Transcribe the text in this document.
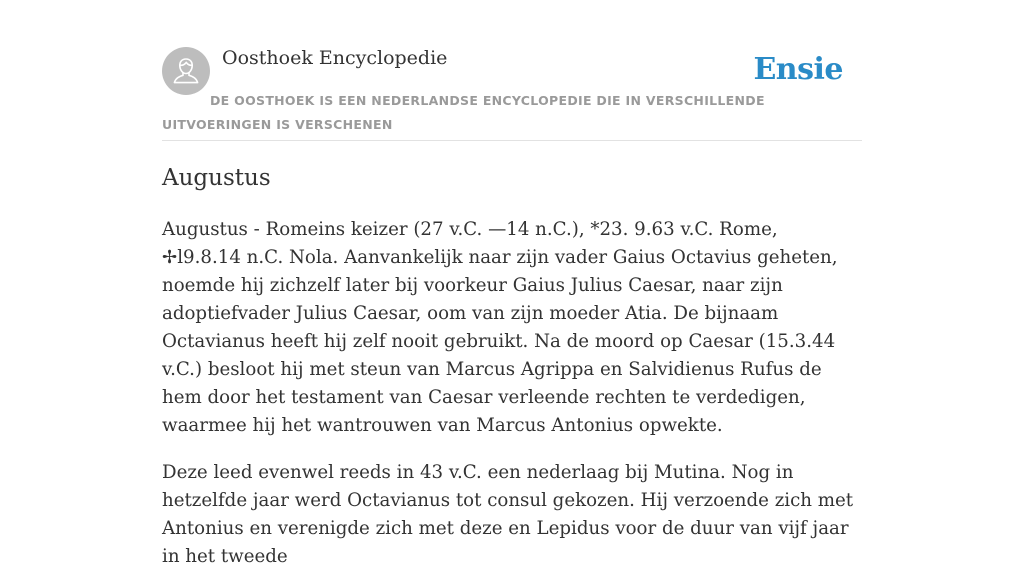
Oosthoek Encyclopedie	Ensie
DE OOSTHOEK IS EEN NEDERLANDSE ENCYCLOPEDIE DIE IN VERSCHILLENDE UITVOERINGEN IS VERSCHENEN
Augustus

Augustus - Romeins keizer (27 v.C. —14 n.C.), *23. 9.63 v.C. Rome, ✢l9.8.14 n.C. Nola. Aanvankelijk naar zijn vader Gaius Octavius geheten, noemde hij zichzelf later bij voorkeur Gaius Julius Caesar, naar zijn adoptiefvader Julius Caesar, oom van zijn moeder Atia. De bijnaam Octavianus heeft hij zelf nooit gebruikt. Na de moord op Caesar (15.3.44 v.C.) besloot hij met steun van Marcus Agrippa en Salvidienus Rufus de hem door het testament van Caesar verleende rechten te verdedigen, waarmee hij het wantrouwen van Marcus Antonius opwekte.

Deze leed evenwel reeds in 43 v.C. een nederlaag bij Mutina. Nog in hetzelfde jaar werd Octavianus tot consul gekozen. Hij verzoende zich met Antonius en verenigde zich met deze en Lepidus voor de duur van vijf jaar in het tweede
